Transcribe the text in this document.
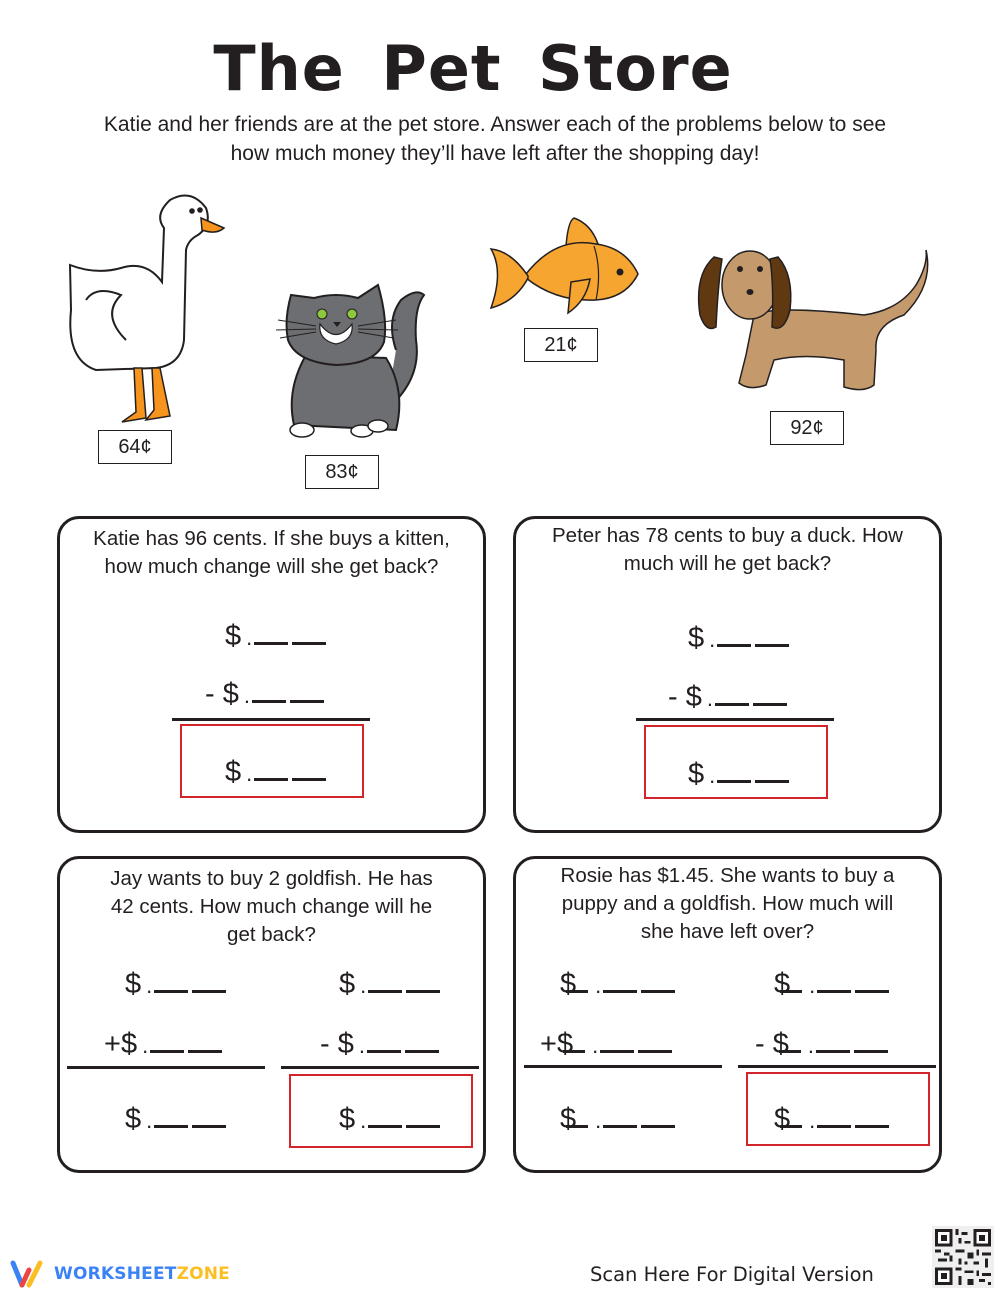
The Pet Store
Katie and her friends are at the pet store. Answer each of the problems below to see
how much money they’ll have left after the shopping day!
64¢
83¢
21¢
92¢
Katie has 96 cents. If she buys a kitten,
how much change will she get back?
$ .
- $ .
$ .
Peter has 78 cents to buy a duck. How
much will he get back?
$ .
- $ .
$ .
Jay wants to buy 2 goldfish. He has
42 cents. How much change will he
get back?
$ .
+$ .
$ .
$ .
- $ .
$ .
Rosie has $1.45. She wants to buy a
puppy and a goldfish. How much will
she have left over?
$ .
+$ .
$ .
$ .
- $ .
$ .
WORKSHEETZONE	Scan Here For Digital Version
